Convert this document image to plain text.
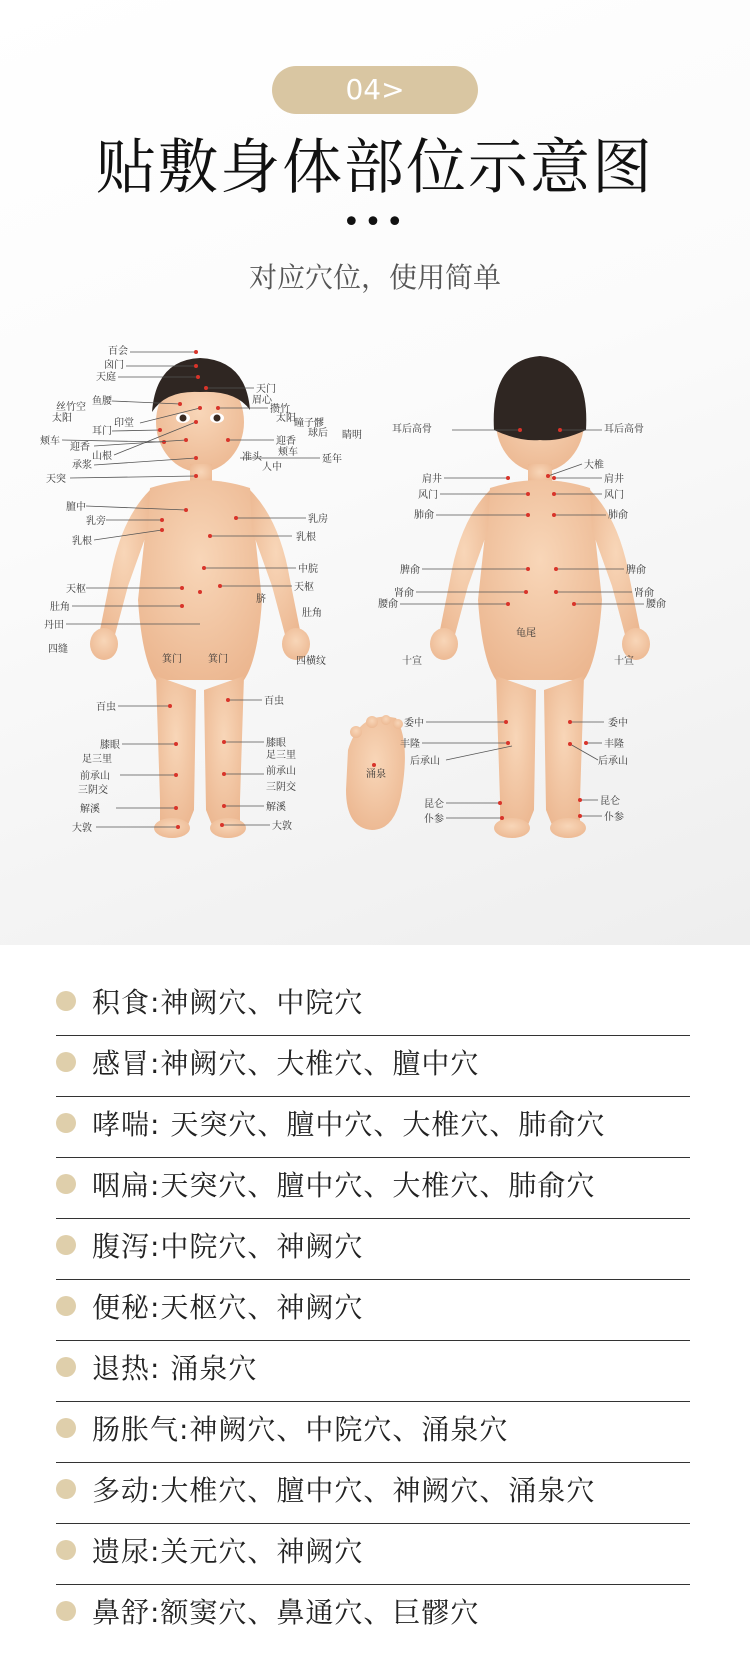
04>
贴敷身体部位示意图
•••
对应穴位，使用简单
涌泉
百会
囟门
天庭
丝竹空
太阳
鱼腰
印堂
耳门
颊车
迎香
山根
承浆
天突
膻中
乳旁
乳根
天枢
肚角
丹田
四缝
百虫
膝眼
足三里
前承山
三阴交
解溪
大敦
天门
眉心
攒竹
太阳
瞳子髎
球后 睛明
迎香
颊车
准头
人中
延年
乳房
乳根
中脘
天枢
脐
肚角
四横纹
百虫
膝眼
足三里
前承山
三阴交
解溪
大敦
箕门	箕门
耳后高骨
肩井
风门
肺俞
脾俞
肾俞
腰俞
十宣
委中
丰隆
后承山
昆仑
仆参
耳后高骨
大椎
肩井
风门
肺俞
脾俞
肾俞
腰俞
十宣
委中
丰隆
后承山
昆仑
仆参
龟尾
积食:神阙穴、中院穴
感冒:神阙穴、大椎穴、膻中穴
哮喘: 天突穴、膻中穴、大椎穴、肺俞穴
咽扁:天突穴、膻中穴、大椎穴、肺俞穴
腹泻:中院穴、神阙穴
便秘:天枢穴、神阙穴
退热: 涌泉穴
肠胀气:神阙穴、中院穴、涌泉穴
多动:大椎穴、膻中穴、神阙穴、涌泉穴
遗尿:关元穴、神阙穴
鼻舒:额窦穴、鼻通穴、巨髎穴
